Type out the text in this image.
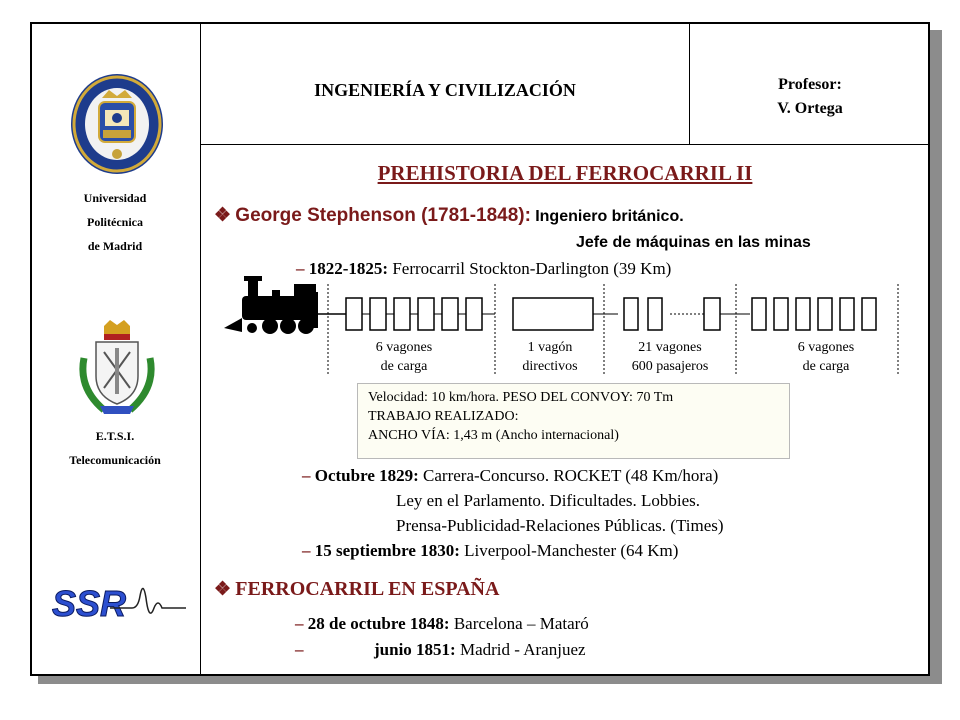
Universidad
Politécnica
de Madrid
E.T.S.I.
Telecomunicación
SSR
INGENIERÍA Y CIVILIZACIÓN	Profesor:
V. Ortega
PREHISTORIA DEL FERROCARRIL II
❖ George Stephenson (1781-1848): Ingeniero británico.
Jefe de máquinas en las minas
– 1822-1825: Ferrocarril Stockton-Darlington (39 Km)
6 vagones
de carga
1 vagón
directivos
21 vagones
600 pasajeros
6 vagones
de carga
Velocidad: 10 km/hora. PESO DEL CONVOY: 70 Tm
TRABAJO REALIZADO:
ANCHO VÍA: 1,43 m (Ancho internacional)
– Octubre 1829: Carrera-Concurso. ROCKET (48 Km/hora)
Ley en el Parlamento. Dificultades. Lobbies.
Prensa-Publicidad-Relaciones Públicas. (Times)
– 15 septiembre 1830: Liverpool-Manchester (64 Km)
❖ FERROCARRIL EN ESPAÑA
– 28 de octubre 1848: Barcelona – Mataró
–	junio 1851: Madrid - Aranjuez
